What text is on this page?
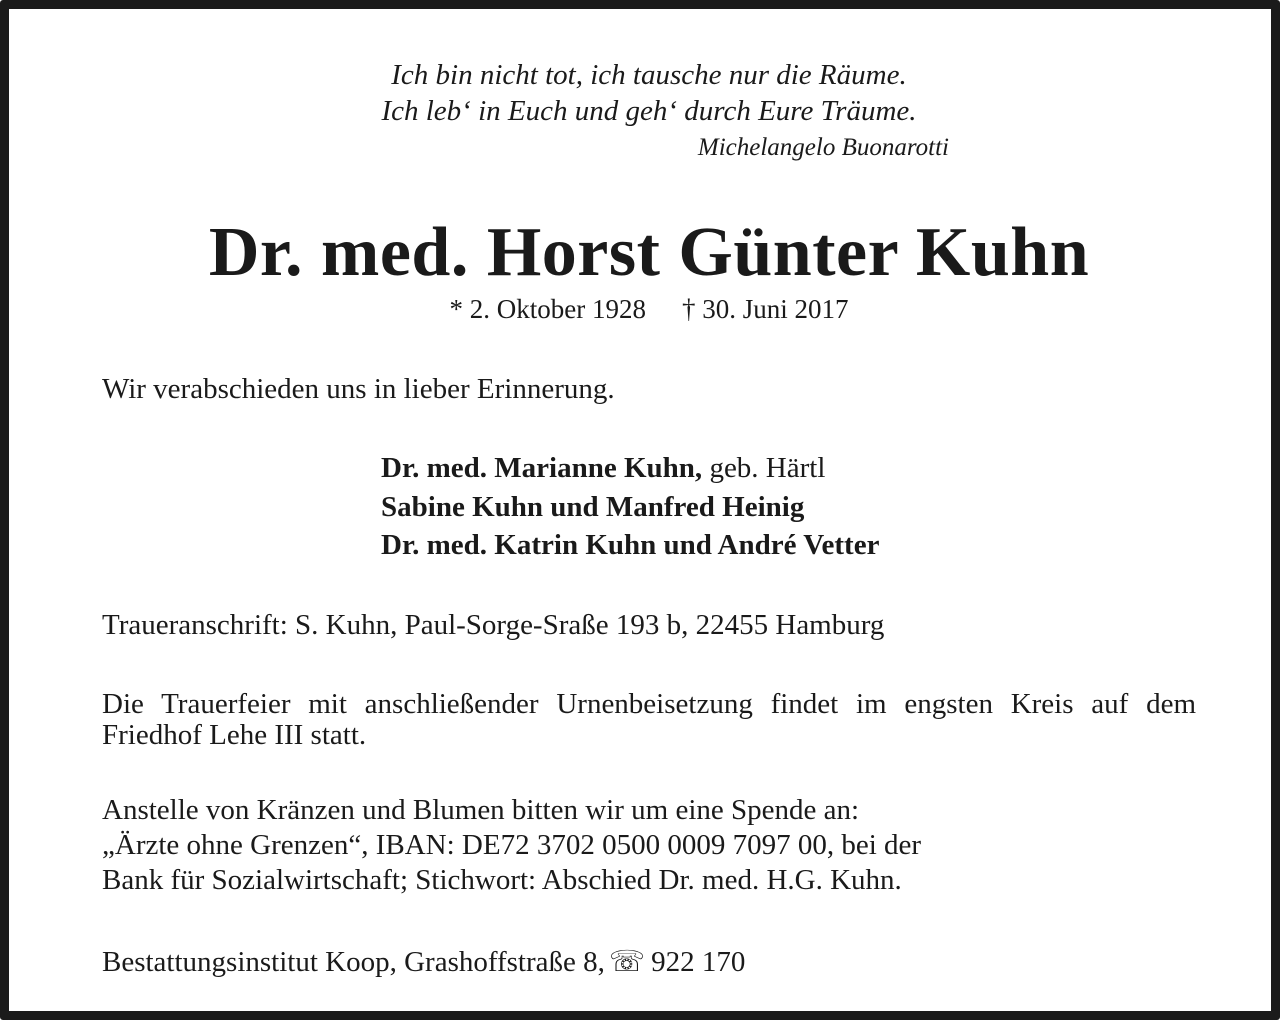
Ich bin nicht tot, ich tausche nur die Räume.
Ich leb‘ in Euch und geh‘ durch Eure Träume.
Michelangelo Buonarotti
Dr. med. Horst Günter Kuhn
* 2. Oktober 1928 † 30. Juni 2017
Wir verabschieden uns in lieber Erinnerung.
Dr. med. Marianne Kuhn, geb. Härtl
Sabine Kuhn und Manfred Heinig
Dr. med. Katrin Kuhn und André Vetter
Traueranschrift: S. Kuhn, Paul-Sorge-Sraße 193 b, 22455 Hamburg
Die Trauerfeier mit anschließender Urnenbeisetzung findet im engsten Kreis auf dem Friedhof Lehe III statt.
Anstelle von Kränzen und Blumen bitten wir um eine Spende an:
„Ärzte ohne Grenzen“, IBAN: DE72 3702 0500 0009 7097 00, bei der
Bank für Sozialwirtschaft; Stichwort: Abschied Dr. med. H.G. Kuhn.
Bestattungsinstitut Koop, Grashoffstraße 8, ☏ 922 170
